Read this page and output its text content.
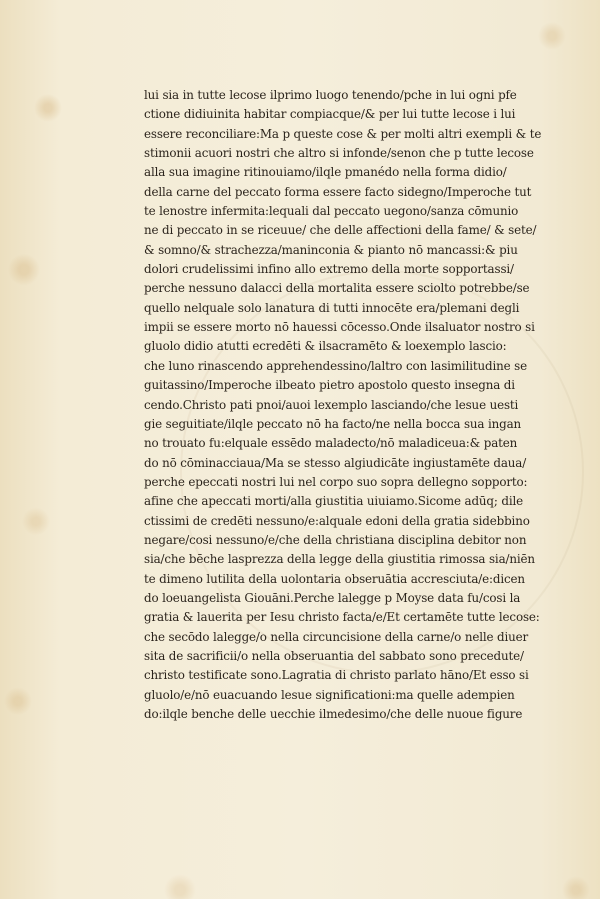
lui sia in tutte lecose ilprimo luogo tenendo/pche in lui ogni pfe
ctione didiuinita habitar compiacque/& per lui tutte lecose i lui
essere reconciliare:Ma p queste cose & per molti altri exempli & te
stimonii acuori nostri che altro si infonde/senon che p tutte lecose
alla sua imagine ritinouiamo/ilqle pmanédo nella forma didio/
della carne del peccato forma essere facto sidegno/Imperoche tut
te lenostre infermita:lequali dal peccato uegono/sanza cōmunio
ne di peccato in se riceuue/ che delle affectioni della fame/ & sete/
& somno/& strachezza/maninconia & pianto nō mancassi:& piu
dolori crudelissimi infino allo extremo della morte sopportassi/
perche nessuno dalacci della mortalita essere sciolto potrebbe/se
quello nelquale solo lanatura di tutti innocēte era/plemani degli
impii se essere morto nō hauessi cōcesso.Onde ilsaluator nostro si
gluolo didio atutti ecredēti & ilsacramēto & loexemplo lascio:
che luno rinascendo apprehendessino/laltro con lasimilitudine se
guitassino/Imperoche ilbeato pietro apostolo questo insegna di
cendo.Christo pati pnoi/auoi lexemplo lasciando/che lesue uesti
gie seguitiate/ilqle peccato nō ha facto/ne nella bocca sua ingan
no trouato fu:elquale essēdo maladecto/nō maladiceua:& paten
do nō cōminacciaua/Ma se stesso algiudicāte ingiustamēte daua/
perche epeccati nostri lui nel corpo suo sopra dellegno sopporto:
afine che apeccati morti/alla giustitia uiuiamo.Sicome adūq; dile
ctissimi de credēti nessuno/e:alquale edoni della gratia sidebbino
negare/cosi nessuno/e/che della christiana disciplina debitor non
sia/che bēche lasprezza della legge della giustitia rimossa sia/niēn
te dimeno lutilita della uolontaria obseruātia accresciuta/e:dicen
do loeuangelista Giouāni.Perche lalegge p Moyse data fu/cosi la
gratia & lauerita per Iesu christo facta/e/Et certamēte tutte lecose:
che secōdo lalegge/o nella circuncisione della carne/o nelle diuer
sita de sacrificii/o nella obseruantia del sabbato sono precedute/
christo testificate sono.Lagratia di christo parlato hāno/Et esso si
gluolo/e/nō euacuando lesue significationi:ma quelle adempien
do:ilqle benche delle uecchie ilmedesimo/che delle nuoue figure
